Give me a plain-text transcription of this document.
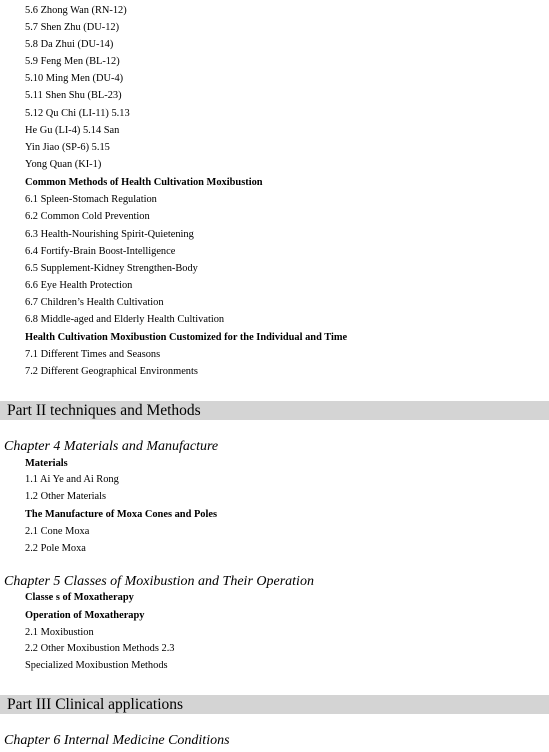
5.6 Zhong Wan (RN-12)
5.7 Shen Zhu (DU-12)
5.8 Da Zhui (DU-14)
5.9 Feng Men (BL-12)
5.10 Ming Men (DU-4)
5.11 Shen Shu (BL-23)
5.12 Qu Chi (LI-11) 5.13
He Gu (LI-4) 5.14 San
Yin Jiao (SP-6) 5.15
Yong Quan (KI-1)
Common Methods of Health Cultivation Moxibustion
6.1 Spleen-Stomach Regulation
6.2 Common Cold Prevention
6.3 Health-Nourishing Spirit-Quietening
6.4 Fortify-Brain Boost-Intelligence
6.5 Supplement-Kidney Strengthen-Body
6.6 Eye Health Protection
6.7 Children’s Health Cultivation
6.8 Middle-aged and Elderly Health Cultivation
Health Cultivation Moxibustion Customized for the Individual and Time
7.1 Different Times and Seasons
7.2 Different Geographical Environments
Part II techniques and Methods
Chapter 4 Materials and Manufacture
Materials
1.1 Ai Ye and Ai Rong
1.2 Other Materials
The Manufacture of Moxa Cones and Poles
2.1 Cone Moxa
2.2 Pole Moxa
Chapter 5 Classes of Moxibustion and Their Operation
Classe s of Moxatherapy
Operation of Moxatherapy
2.1 Moxibustion
2.2 Other Moxibustion Methods 2.3
Specialized Moxibustion Methods
Part III Clinical applications
Chapter 6 Internal Medicine Conditions
